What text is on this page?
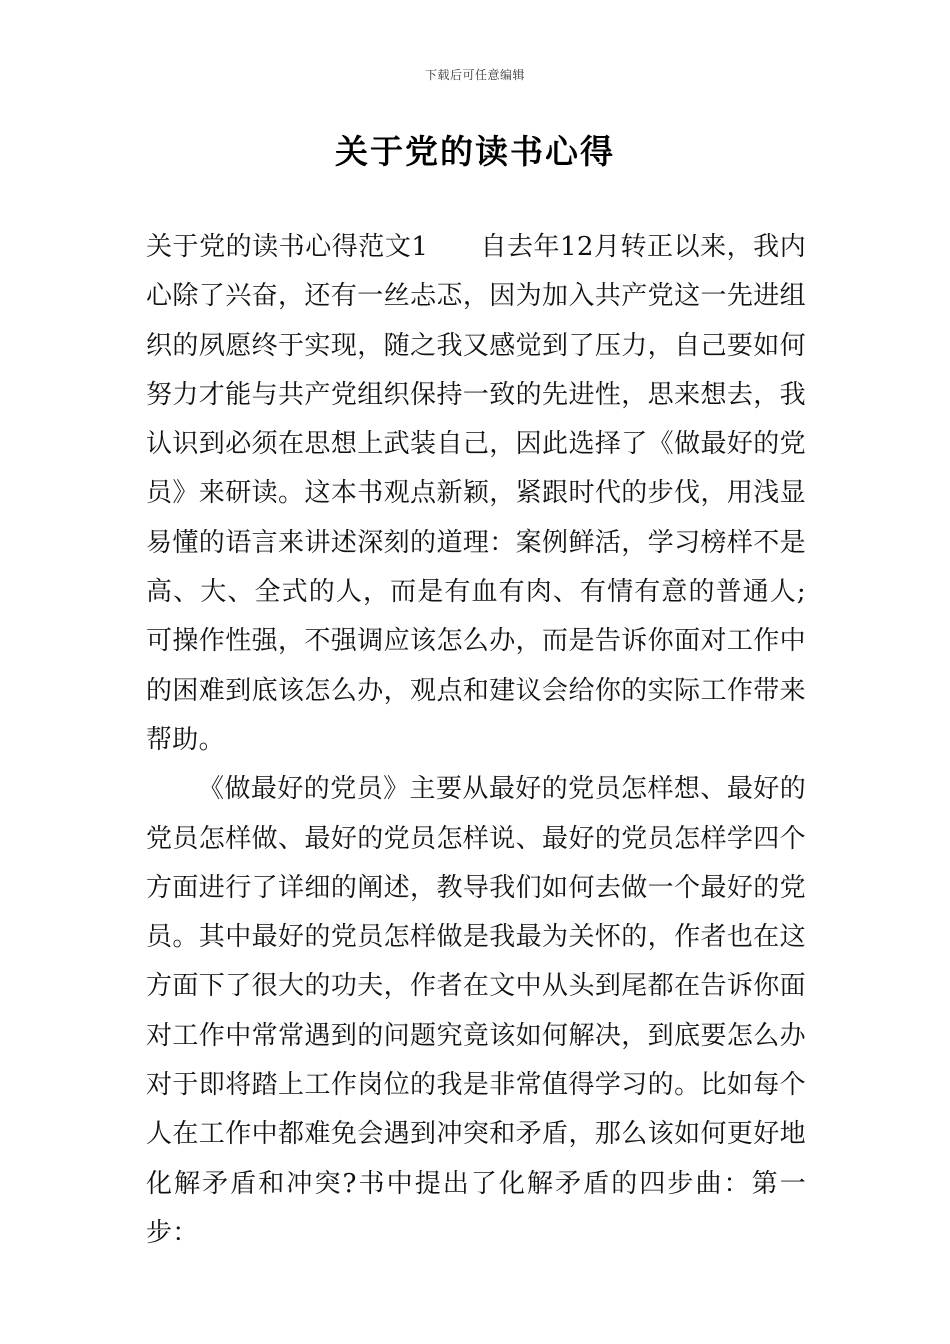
下载后可任意编辑
关于党的读书心得

关于党的读书心得范文1 自去年12月转正以来，我内心除了兴奋，还有一丝忐忑，因为加入共产党这一先进组织的夙愿终于实现，随之我又感觉到了压力，自己要如何努力才能与共产党组织保持一致的先进性，思来想去，我认识到必须在思想上武装自己，因此选择了《做最好的党员》来研读。这本书观点新颖，紧跟时代的步伐，用浅显易懂的语言来讲述深刻的道理：案例鲜活，学习榜样不是高、大、全式的人，而是有血有肉、有情有意的普通人;可操作性强，不强调应该怎么办，而是告诉你面对工作中的困难到底该怎么办，观点和建议会给你的实际工作带来帮助。

《做最好的党员》主要从最好的党员怎样想、最好的党员怎样做、最好的党员怎样说、最好的党员怎样学四个方面进行了详细的阐述，教导我们如何去做一个最好的党员。其中最好的党员怎样做是我最为关怀的，作者也在这方面下了很大的功夫，作者在文中从头到尾都在告诉你面对工作中常常遇到的问题究竟该如何解决，到底要怎么办对于即将踏上工作岗位的我是非常值得学习的。比如每个人在工作中都难免会遇到冲突和矛盾，那么该如何更好地化解矛盾和冲突?书中提出了化解矛盾的四步曲：第一步：
